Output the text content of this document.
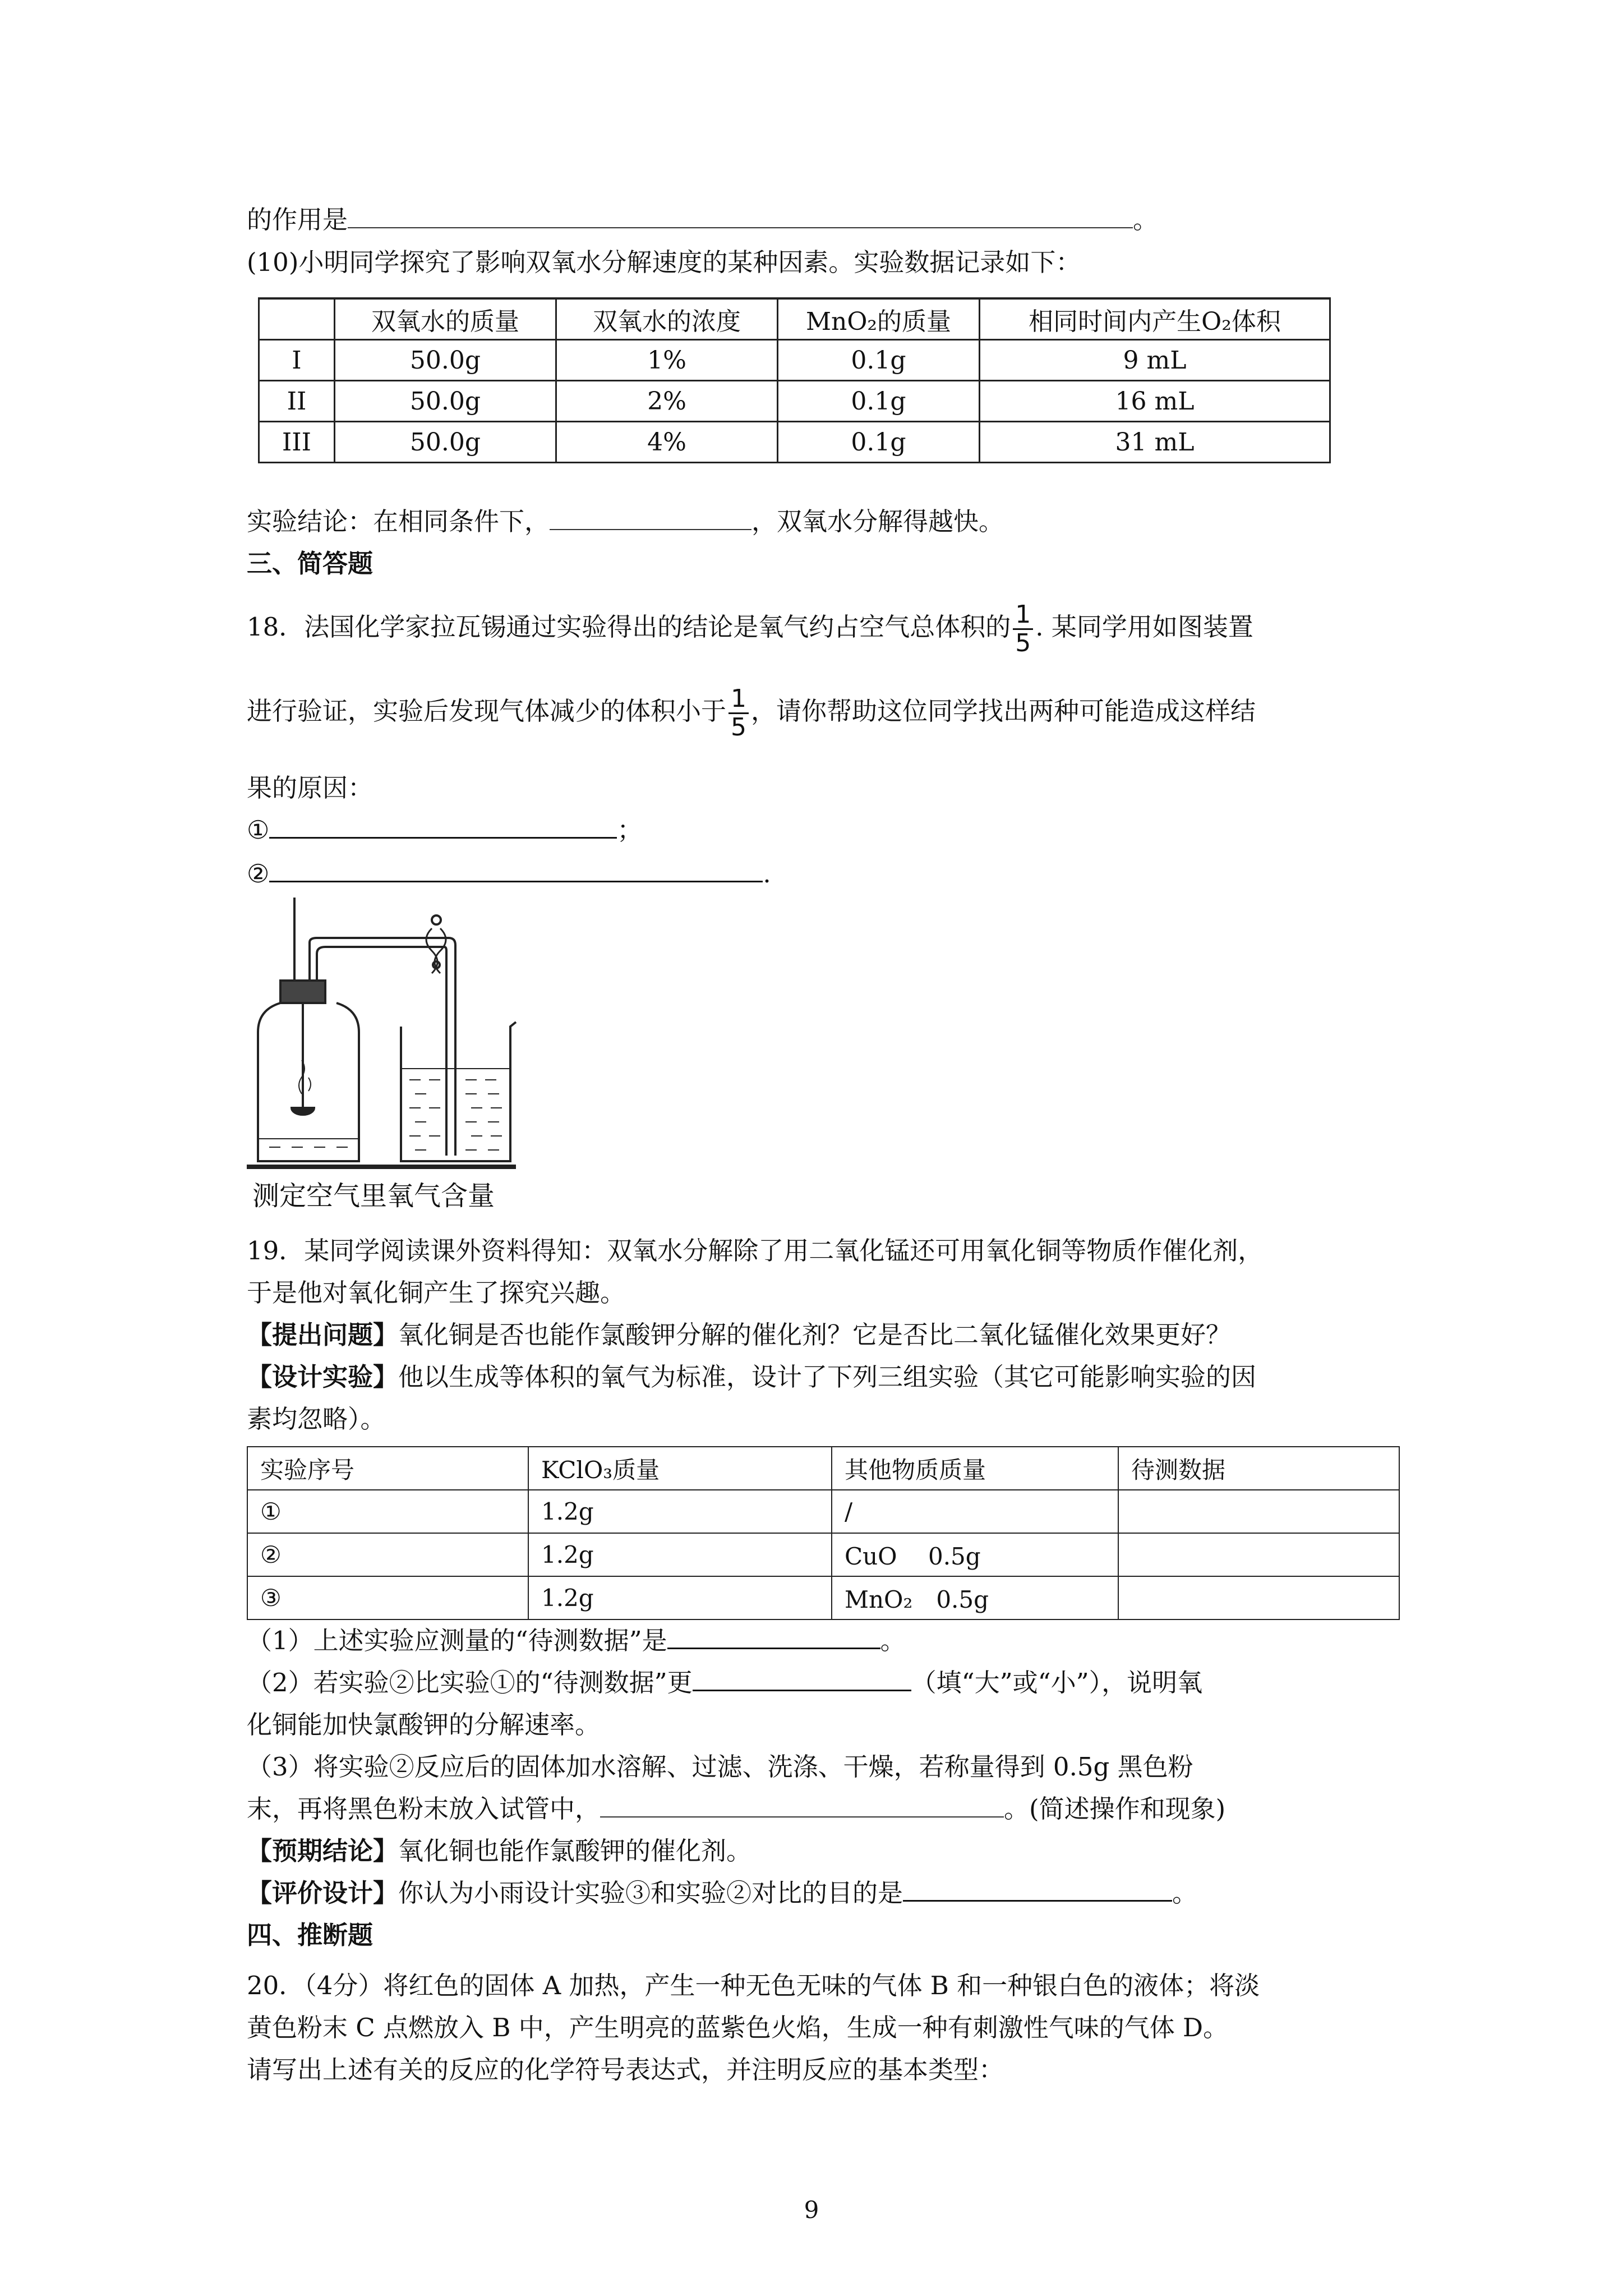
的作用是	。
(10)小明同学探究了影响双氧水分解速度的某种因素。实验数据记录如下：
	双氧水的质量	双氧水的浓度	MnO₂的质量	相同时间内产生O₂体积
I	50.0g	1%	0.1g	9 mL
II	50.0g	2%	0.1g	16 mL
III	50.0g	4%	0.1g	31 mL
实验结论：在相同条件下，	，双氧水分解得越快。
三、简答题
18．法国化学家拉瓦锡通过实验得出的结论是氧气约占空气总体积的 $\frac{1}{5}$ . 某同学用如图装置
进行验证，实验后发现气体减少的体积小于 $\frac{1}{5}$ ，请你帮助这位同学找出两种可能造成这样结
果的原因：
①	；
②	.
测定空气里氧气含量
19．某同学阅读课外资料得知：双氧水分解除了用二氧化锰还可用氧化铜等物质作催化剂，
于是他对氧化铜产生了探究兴趣。
【提出问题】氧化铜是否也能作氯酸钾分解的催化剂？它是否比二氧化锰催化效果更好？
【设计实验】他以生成等体积的氧气为标准，设计了下列三组实验（其它可能影响实验的因
素均忽略）。
实验序号	KClO₃质量	其他物质质量	待测数据
①	1.2g	/	
②	1.2g	CuO　 0.5g	
③	1.2g	MnO₂　0.5g	
（1）上述实验应测量的“待测数据”是	。
（2）若实验②比实验①的“待测数据”更	（填“大”或“小”），说明氧
化铜能加快氯酸钾的分解速率。
（3）将实验②反应后的固体加水溶解、过滤、洗涤、干燥，若称量得到 0.5g 黑色粉
末，再将黑色粉末放入试管中，	。(简述操作和现象)
【预期结论】氧化铜也能作氯酸钾的催化剂。
【评价设计】你认为小雨设计实验③和实验②对比的目的是	。
四、推断题
20．（4分）将红色的固体 A 加热，产生一种无色无味的气体 B 和一种银白色的液体；将淡
黄色粉末 C 点燃放入 B 中，产生明亮的蓝紫色火焰，生成一种有刺激性气味的气体 D。
请写出上述有关的反应的化学符号表达式，并注明反应的基本类型：
9
